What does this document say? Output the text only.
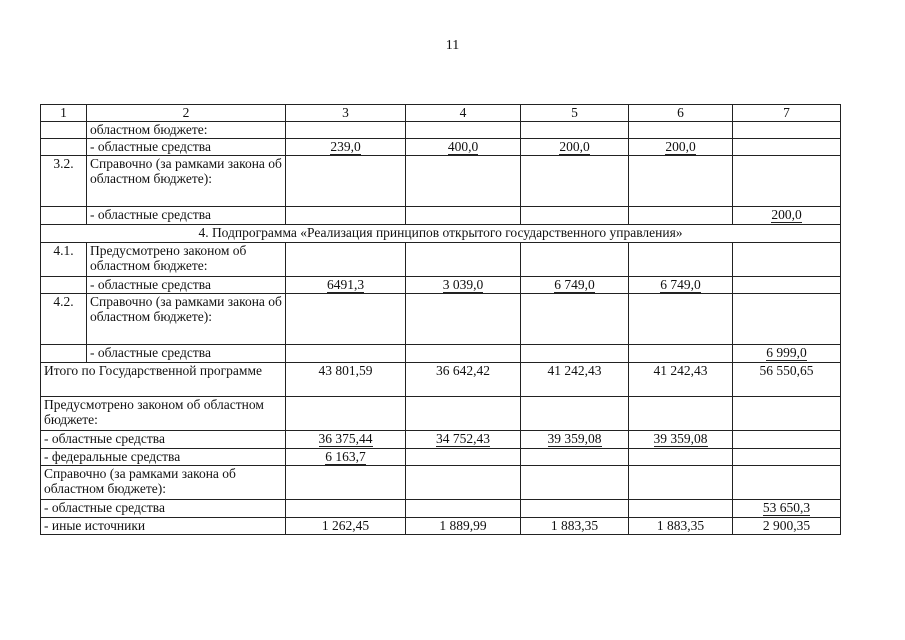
11
1	2	3	4	5	6	7
	областном бюджете:					
	- областные средства	239,0	400,0	200,0	200,0	
3.2.	Справочно (за рамками закона об областном бюджете):					
	- областные средства					200,0
4. Подпрограмма «Реализация принципов открытого государственного управления»						
4.1.	Предусмотрено законом об областном бюджете:					
	- областные средства	6491,3	3 039,0	6 749,0	6 749,0	
4.2.	Справочно (за рамками закона об областном бюджете):					
	- областные средства					6 999,0
Итого по Государственной программе		43 801,59	36 642,42	41 242,43	41 242,43	56 550,65
Предусмотрено законом об областном бюджете:						
- областные средства		36 375,44	34 752,43	39 359,08	39 359,08	
- федеральные средства		6 163,7				
Справочно (за рамками закона об областном бюджете):						
- областные средства						53 650,3
- иные источники		1 262,45	1 889,99	1 883,35	1 883,35	2 900,35
